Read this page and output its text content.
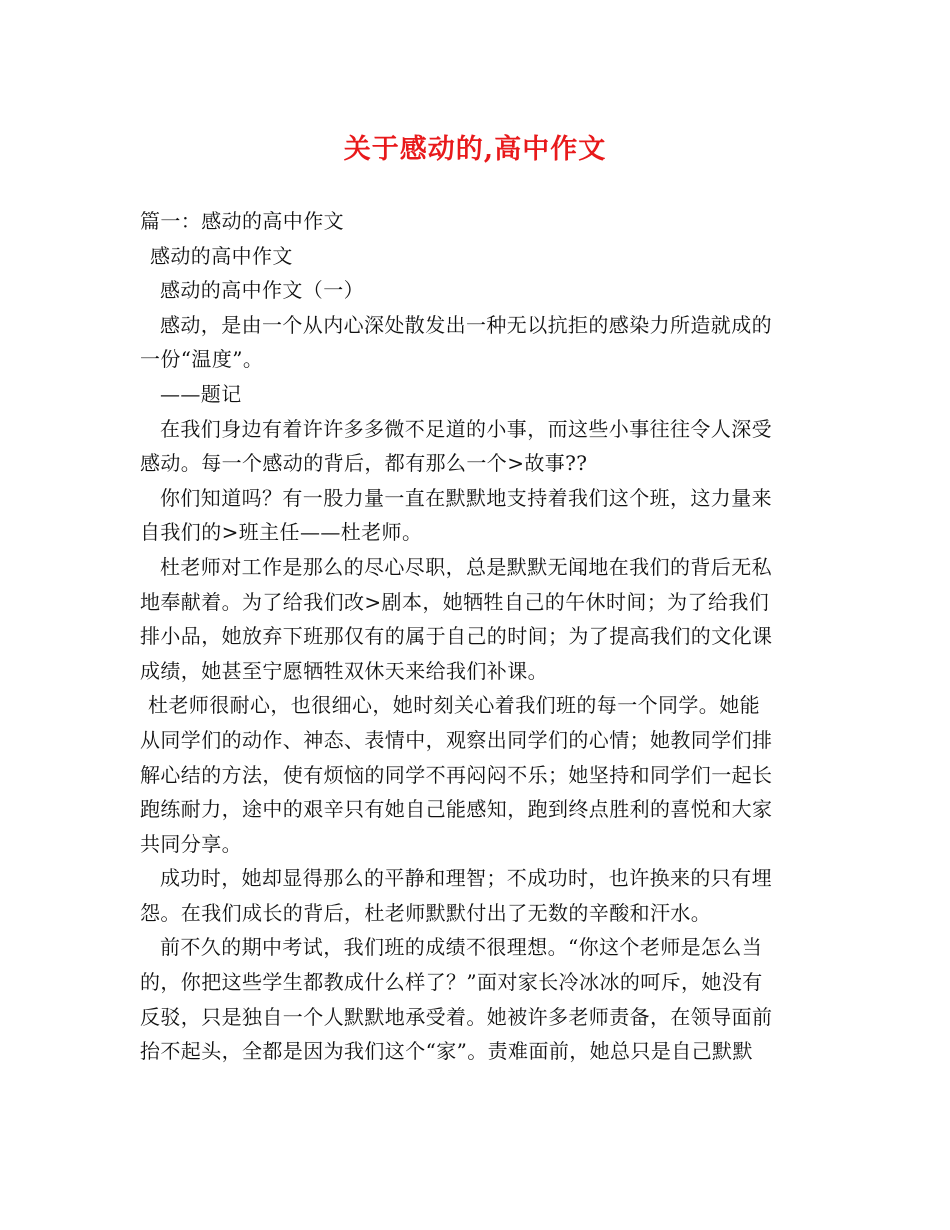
关于感动的,高中作文
篇一：感动的高中作文
感动的高中作文
感动的高中作文（一）
感动，是由一个从内心深处散发出一种无以抗拒的感染力所造就成的
一份“温度”。
——题记
在我们身边有着许许多多微不足道的小事，而这些小事往往令人深受
感动。每一个感动的背后，都有那么一个>故事??
你们知道吗？有一股力量一直在默默地支持着我们这个班，这力量来
自我们的>班主任——杜老师。
杜老师对工作是那么的尽心尽职，总是默默无闻地在我们的背后无私
地奉献着。为了给我们改>剧本，她牺牲自己的午休时间；为了给我们
排小品，她放弃下班那仅有的属于自己的时间；为了提高我们的文化课
成绩，她甚至宁愿牺牲双休天来给我们补课。
杜老师很耐心，也很细心，她时刻关心着我们班的每一个同学。她能
从同学们的动作、神态、表情中，观察出同学们的心情；她教同学们排
解心结的方法，使有烦恼的同学不再闷闷不乐；她坚持和同学们一起长
跑练耐力，途中的艰辛只有她自己能感知，跑到终点胜利的喜悦和大家
共同分享。
成功时，她却显得那么的平静和理智；不成功时，也许换来的只有埋
怨。在我们成长的背后，杜老师默默付出了无数的辛酸和汗水。
前不久的期中考试，我们班的成绩不很理想。“你这个老师是怎么当
的，你把这些学生都教成什么样了？”面对家长冷冰冰的呵斥，她没有
反驳，只是独自一个人默默地承受着。她被许多老师责备，在领导面前
抬不起头，全都是因为我们这个“家”。责难面前，她总只是自己默默
